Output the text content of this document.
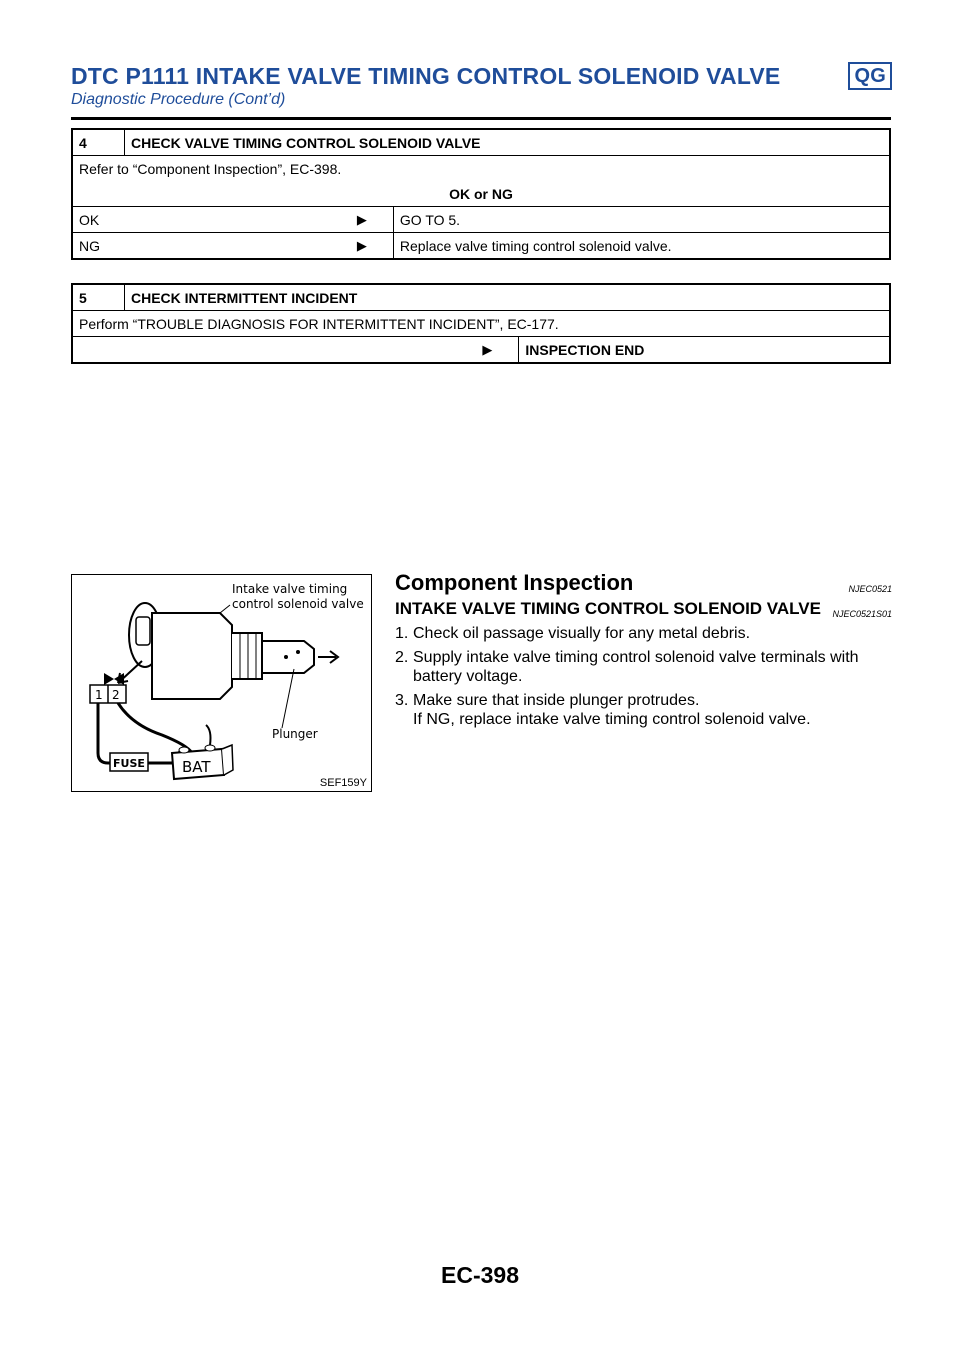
DTC P1111 INTAKE VALVE TIMING CONTROL SOLENOID VALVE	QG
Diagnostic Procedure (Cont’d)
4	CHECK VALVE TIMING CONTROL SOLENOID VALVE		
Refer to “Component Inspection”, EC-398.			
OK or NG			
OK		▶	GO TO 5.
NG		▶	Replace valve timing control solenoid valve.
5	CHECK INTERMITTENT INCIDENT		
Perform “TROUBLE DIAGNOSIS FOR INTERMITTENT INCIDENT”, EC-177.			
		▶	INSPECTION END
Intake valve timing
control solenoid valve
Plunger
1 2
FUSE BAT
SEF159Y
Component Inspection	NJEC0521
INTAKE VALVE TIMING CONTROL SOLENOID VALVE NJEC0521S01
1. Check oil passage visually for any metal debris.
2. Supply intake valve timing control solenoid valve terminals with battery voltage.
3. Make sure that inside plunger protrudes.
If NG, replace intake valve timing control solenoid valve.
EC-398
